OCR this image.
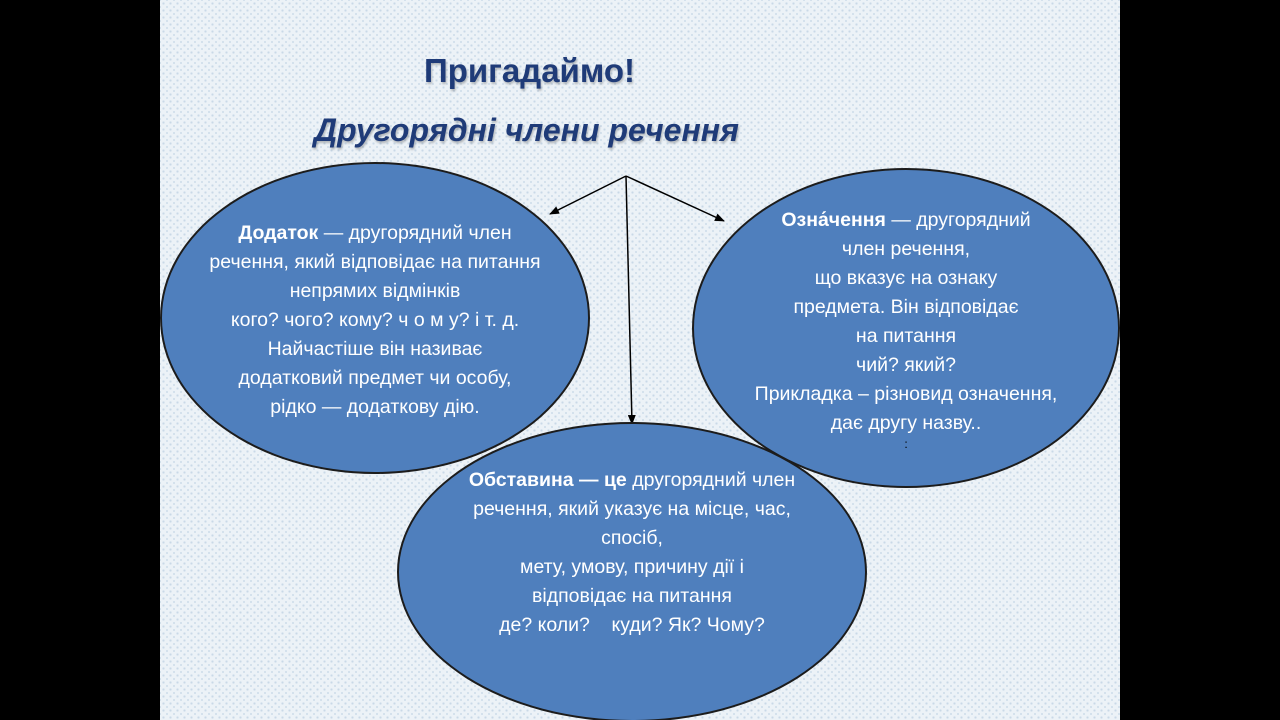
Пригадаймо!
Другорядні члени речення
Додаток — другорядний член
речення, який відповідає на питання
непрямих відмінків
кого? чого? кому? ч о м у? і т. д.
Найчастіше він називає
додатковий предмет чи особу,
рідко — додаткову дію.
Озна́чення — другорядний
член речення,
що вказує на ознаку
предмета. Він відповідає
на питання
чий? який?
Прикладка – різновид означення,
дає другу назву..
:
Обставина — це другорядний член
речення, який указує на місце, час,
спосіб,
мету, умову, причину дії і
відповідає на питання
де? коли?    куди? Як? Чому?
